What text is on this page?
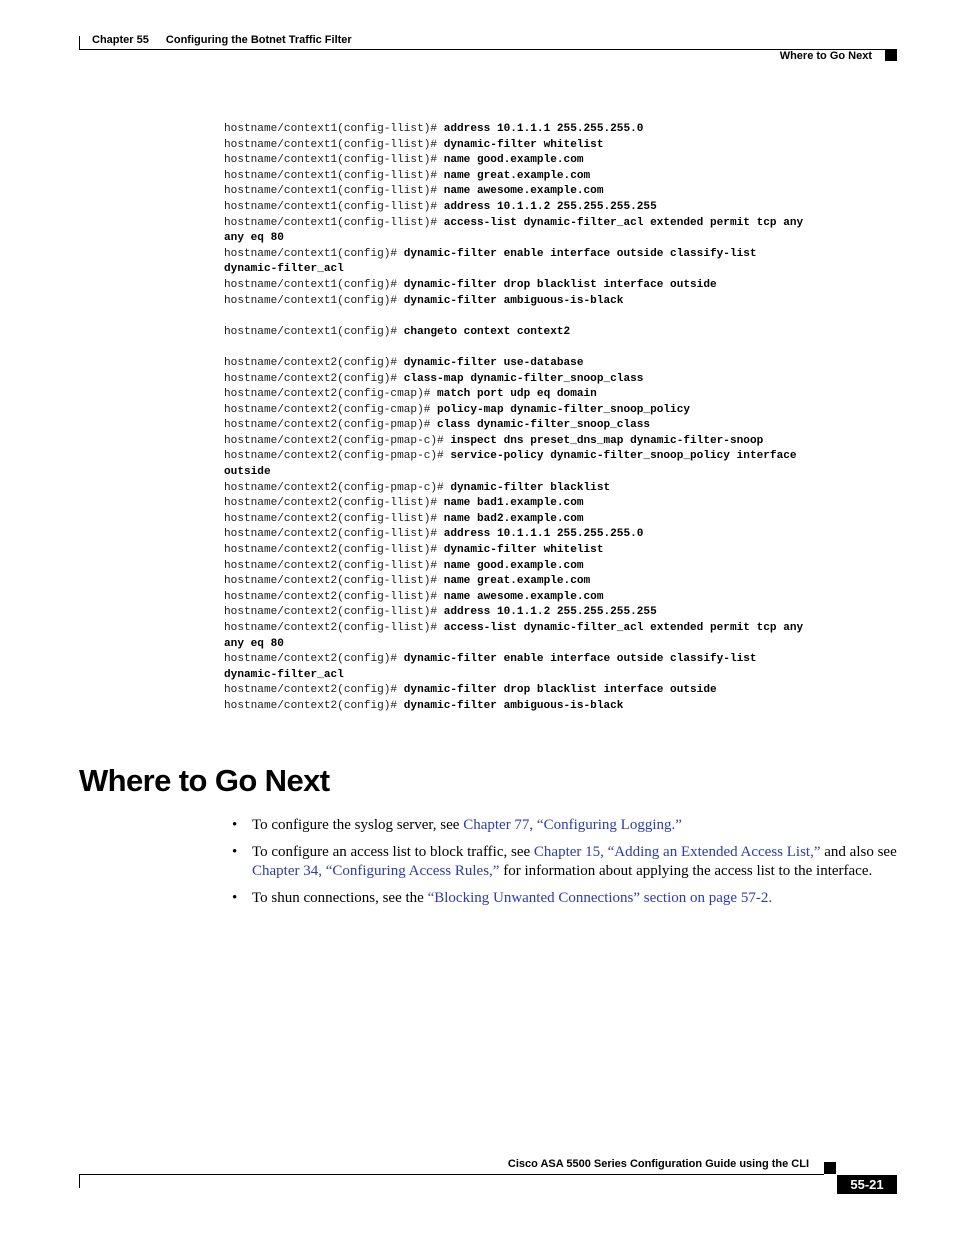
Chapter 55 Configuring the Botnet Traffic Filter
Where to Go Next
hostname/context1(config-llist)# address 10.1.1.1 255.255.255.0
hostname/context1(config-llist)# dynamic-filter whitelist
hostname/context1(config-llist)# name good.example.com
hostname/context1(config-llist)# name great.example.com
hostname/context1(config-llist)# name awesome.example.com
hostname/context1(config-llist)# address 10.1.1.2 255.255.255.255
hostname/context1(config-llist)# access-list dynamic-filter_acl extended permit tcp any
any eq 80
hostname/context1(config)# dynamic-filter enable interface outside classify-list
dynamic-filter_acl
hostname/context1(config)# dynamic-filter drop blacklist interface outside
hostname/context1(config)# dynamic-filter ambiguous-is-black
hostname/context1(config)# changeto context context2
hostname/context2(config)# dynamic-filter use-database
hostname/context2(config)# class-map dynamic-filter_snoop_class
hostname/context2(config-cmap)# match port udp eq domain
hostname/context2(config-cmap)# policy-map dynamic-filter_snoop_policy
hostname/context2(config-pmap)# class dynamic-filter_snoop_class
hostname/context2(config-pmap-c)# inspect dns preset_dns_map dynamic-filter-snoop
hostname/context2(config-pmap-c)# service-policy dynamic-filter_snoop_policy interface
outside
hostname/context2(config-pmap-c)# dynamic-filter blacklist
hostname/context2(config-llist)# name bad1.example.com
hostname/context2(config-llist)# name bad2.example.com
hostname/context2(config-llist)# address 10.1.1.1 255.255.255.0
hostname/context2(config-llist)# dynamic-filter whitelist
hostname/context2(config-llist)# name good.example.com
hostname/context2(config-llist)# name great.example.com
hostname/context2(config-llist)# name awesome.example.com
hostname/context2(config-llist)# address 10.1.1.2 255.255.255.255
hostname/context2(config-llist)# access-list dynamic-filter_acl extended permit tcp any
any eq 80
hostname/context2(config)# dynamic-filter enable interface outside classify-list
dynamic-filter_acl
hostname/context2(config)# dynamic-filter drop blacklist interface outside
hostname/context2(config)# dynamic-filter ambiguous-is-black
Where to Go Next
• To configure the syslog server, see Chapter 77, “Configuring Logging.”
• To configure an access list to block traffic, see Chapter 15, “Adding an Extended Access List,” and also see Chapter 34, “Configuring Access Rules,” for information about applying the access list to the interface.
• To shun connections, see the “Blocking Unwanted Connections” section on page 57-2.
Cisco ASA 5500 Series Configuration Guide using the CLI
55-21
